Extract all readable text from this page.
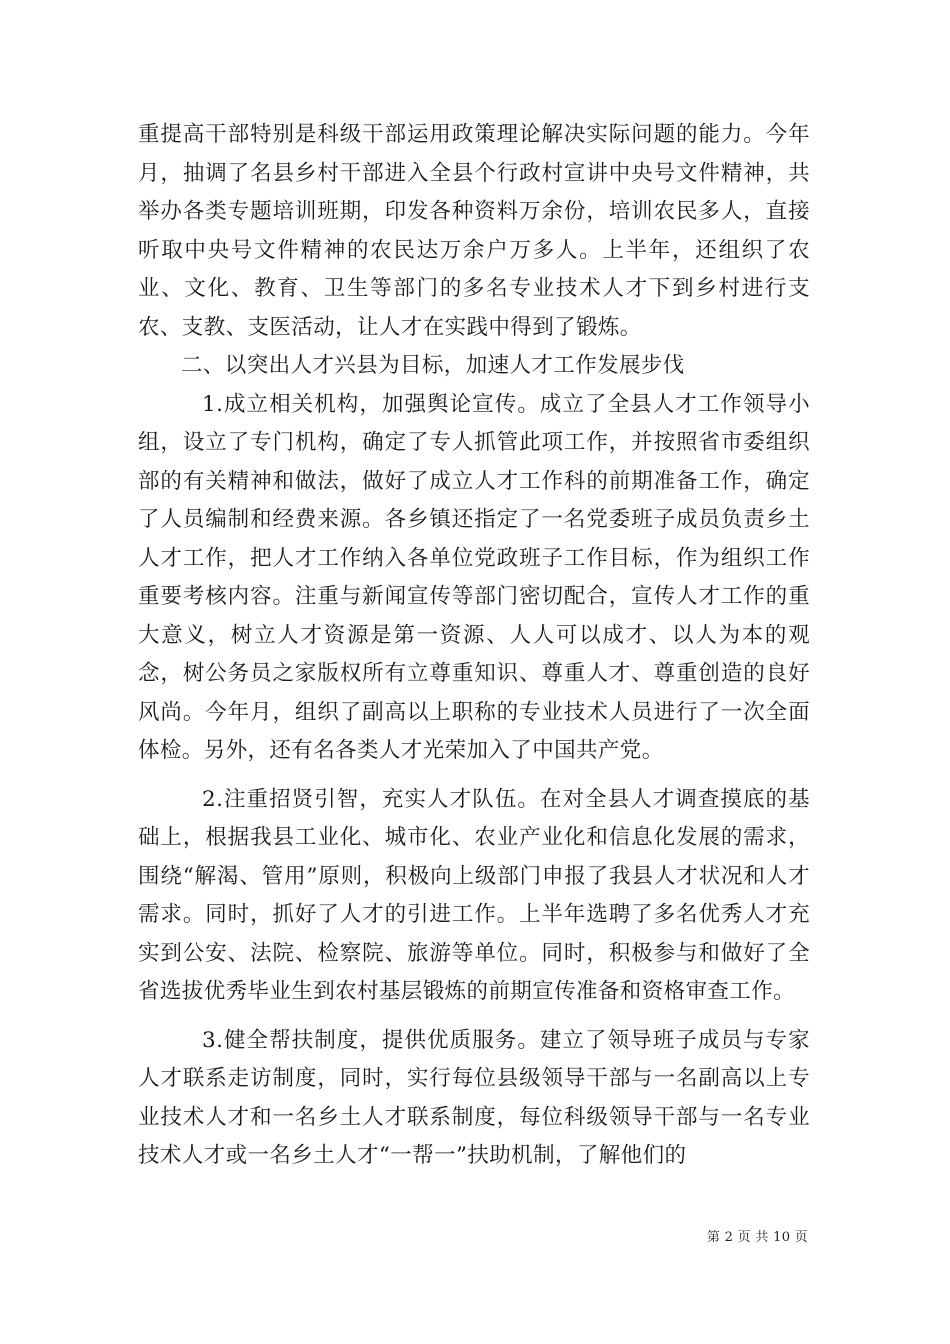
重提高干部特别是科级干部运用政策理论解决实际问题的能力。今年月，抽调了名县乡村干部进入全县个行政村宣讲中央号文件精神，共举办各类专题培训班期，印发各种资料万余份，培训农民多人，直接听取中央号文件精神的农民达万余户万多人。上半年，还组织了农业、文化、教育、卫生等部门的多名专业技术人才下到乡村进行支农、支教、支医活动，让人才在实践中得到了锻炼。

二、以突出人才兴县为目标，加速人才工作发展步伐

1.成立相关机构，加强舆论宣传。成立了全县人才工作领导小组，设立了专门机构，确定了专人抓管此项工作，并按照省市委组织部的有关精神和做法，做好了成立人才工作科的前期准备工作，确定了人员编制和经费来源。各乡镇还指定了一名党委班子成员负责乡土人才工作，把人才工作纳入各单位党政班子工作目标，作为组织工作重要考核内容。注重与新闻宣传等部门密切配合，宣传人才工作的重大意义，树立人才资源是第一资源、人人可以成才、以人为本的观念，树公务员之家版权所有立尊重知识、尊重人才、尊重创造的良好风尚。今年月，组织了副高以上职称的专业技术人员进行了一次全面体检。另外，还有名各类人才光荣加入了中国共产党。

2.注重招贤引智，充实人才队伍。在对全县人才调查摸底的基础上，根据我县工业化、城市化、农业产业化和信息化发展的需求，围绕“解渴、管用”原则，积极向上级部门申报了我县人才状况和人才需求。同时，抓好了人才的引进工作。上半年选聘了多名优秀人才充实到公安、法院、检察院、旅游等单位。同时，积极参与和做好了全省选拔优秀毕业生到农村基层锻炼的前期宣传准备和资格审查工作。

3.健全帮扶制度，提供优质服务。建立了领导班子成员与专家人才联系走访制度，同时，实行每位县级领导干部与一名副高以上专业技术人才和一名乡土人才联系制度，每位科级领导干部与一名专业技术人才或一名乡土人才“一帮一”扶助机制，了解他们的

第 2 页 共 10 页
